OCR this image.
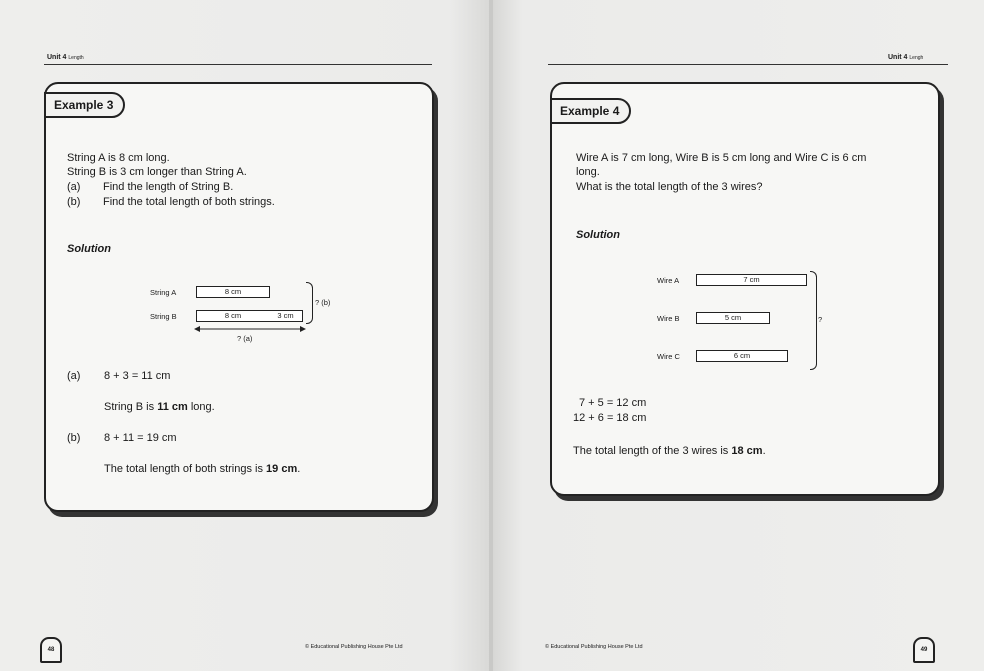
Unit 4 Length
Example 3
String A is 8 cm long.
String B is 3 cm longer than String A.
(a) Find the length of String B.
(b) Find the total length of both strings.
Solution
String A	8 cm
String B	8 cm	3 cm
? (b)
? (a)
(a) 8 + 3 = 11 cm
String B is 11 cm long.
(b) 8 + 11 = 19 cm
The total length of both strings is 19 cm.
48	© Educational Publishing House Pte Ltd
Unit 4 Lengh
Example 4
Wire A is 7 cm long, Wire B is 5 cm long and Wire C is 6 cm
long.
What is the total length of the 3 wires?
Solution
Wire A	7 cm
Wire B	5 cm
Wire C	6 cm
?
7 + 5 = 12 cm
12 + 6 = 18 cm
The total length of the 3 wires is 18 cm.
© Educational Publishing House Pte Ltd	49
